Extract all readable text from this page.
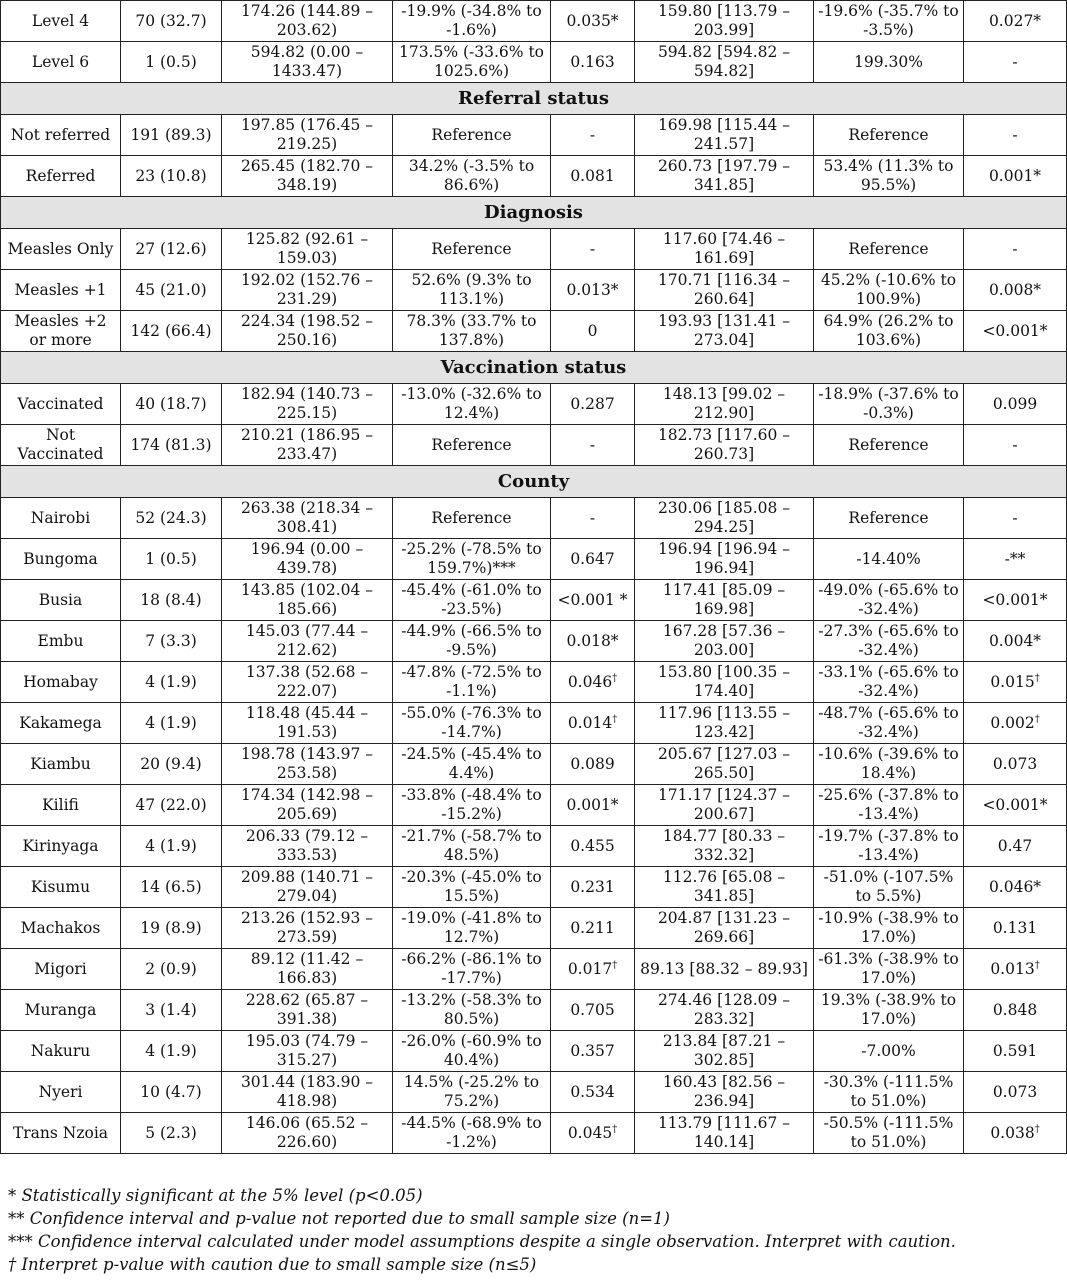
Level 4	70 (32.7)	174.26 (144.89 – 203.62)	-19.9% (-34.8% to -1.6%)	0.035*	159.80 [113.79 – 203.99]	-19.6% (-35.7% to -3.5%)	0.027*
Level 6	1 (0.5)	594.82 (0.00 – 1433.47)	173.5% (-33.6% to 1025.6%)	0.163	594.82 [594.82 – 594.82]	199.30%	-
Referral status							
Not referred	191 (89.3)	197.85 (176.45 – 219.25)	Reference	-	169.98 [115.44 – 241.57]	Reference	-
Referred	23 (10.8)	265.45 (182.70 – 348.19)	34.2% (-3.5% to 86.6%)	0.081	260.73 [197.79 – 341.85]	53.4% (11.3% to 95.5%)	0.001*
Diagnosis							
Measles Only	27 (12.6)	125.82 (92.61 – 159.03)	Reference	-	117.60 [74.46 – 161.69]	Reference	-
Measles +1	45 (21.0)	192.02 (152.76 – 231.29)	52.6% (9.3% to 113.1%)	0.013*	170.71 [116.34 – 260.64]	45.2% (-10.6% to 100.9%)	0.008*
Measles +2 or more	142 (66.4)	224.34 (198.52 – 250.16)	78.3% (33.7% to 137.8%)	0	193.93 [131.41 – 273.04]	64.9% (26.2% to 103.6%)	<0.001*
Vaccination status							
Vaccinated	40 (18.7)	182.94 (140.73 – 225.15)	-13.0% (-32.6% to 12.4%)	0.287	148.13 [99.02 – 212.90]	-18.9% (-37.6% to -0.3%)	0.099
Not Vaccinated	174 (81.3)	210.21 (186.95 – 233.47)	Reference	-	182.73 [117.60 – 260.73]	Reference	-
County							
Nairobi	52 (24.3)	263.38 (218.34 – 308.41)	Reference	-	230.06 [185.08 – 294.25]	Reference	-
Bungoma	1 (0.5)	196.94 (0.00 – 439.78)	-25.2% (-78.5% to 159.7%)***	0.647	196.94 [196.94 – 196.94]	-14.40%	-**
Busia	18 (8.4)	143.85 (102.04 – 185.66)	-45.4% (-61.0% to -23.5%)	<0.001 *	117.41 [85.09 – 169.98]	-49.0% (-65.6% to -32.4%)	<0.001*
Embu	7 (3.3)	145.03 (77.44 – 212.62)	-44.9% (-66.5% to -9.5%)	0.018*	167.28 [57.36 – 203.00]	-27.3% (-65.6% to -32.4%)	0.004*
Homabay	4 (1.9)	137.38 (52.68 – 222.07)	-47.8% (-72.5% to -1.1%)	0.046†	153.80 [100.35 – 174.40]	-33.1% (-65.6% to -32.4%)	0.015†
Kakamega	4 (1.9)	118.48 (45.44 – 191.53)	-55.0% (-76.3% to -14.7%)	0.014†	117.96 [113.55 – 123.42]	-48.7% (-65.6% to -32.4%)	0.002†
Kiambu	20 (9.4)	198.78 (143.97 – 253.58)	-24.5% (-45.4% to 4.4%)	0.089	205.67 [127.03 – 265.50]	-10.6% (-39.6% to 18.4%)	0.073
Kilifi	47 (22.0)	174.34 (142.98 – 205.69)	-33.8% (-48.4% to -15.2%)	0.001*	171.17 [124.37 – 200.67]	-25.6% (-37.8% to -13.4%)	<0.001*
Kirinyaga	4 (1.9)	206.33 (79.12 – 333.53)	-21.7% (-58.7% to 48.5%)	0.455	184.77 [80.33 – 332.32]	-19.7% (-37.8% to -13.4%)	0.47
Kisumu	14 (6.5)	209.88 (140.71 – 279.04)	-20.3% (-45.0% to 15.5%)	0.231	112.76 [65.08 – 341.85]	-51.0% (-107.5% to 5.5%)	0.046*
Machakos	19 (8.9)	213.26 (152.93 – 273.59)	-19.0% (-41.8% to 12.7%)	0.211	204.87 [131.23 – 269.66]	-10.9% (-38.9% to 17.0%)	0.131
Migori	2 (0.9)	89.12 (11.42 – 166.83)	-66.2% (-86.1% to -17.7%)	0.017†	89.13 [88.32 – 89.93]	-61.3% (-38.9% to 17.0%)	0.013†
Muranga	3 (1.4)	228.62 (65.87 – 391.38)	-13.2% (-58.3% to 80.5%)	0.705	274.46 [128.09 – 283.32]	19.3% (-38.9% to 17.0%)	0.848
Nakuru	4 (1.9)	195.03 (74.79 – 315.27)	-26.0% (-60.9% to 40.4%)	0.357	213.84 [87.21 – 302.85]	-7.00%	0.591
Nyeri	10 (4.7)	301.44 (183.90 – 418.98)	14.5% (-25.2% to 75.2%)	0.534	160.43 [82.56 – 236.94]	-30.3% (-111.5% to 51.0%)	0.073
Trans Nzoia	5 (2.3)	146.06 (65.52 – 226.60)	-44.5% (-68.9% to -1.2%)	0.045†	113.79 [111.67 – 140.14]	-50.5% (-111.5% to 51.0%)	0.038†
* Statistically significant at the 5% level (p<0.05)
** Confidence interval and p-value not reported due to small sample size (n=1)
*** Confidence interval calculated under model assumptions despite a single observation. Interpret with caution.
† Interpret p-value with caution due to small sample size (n≤5)
